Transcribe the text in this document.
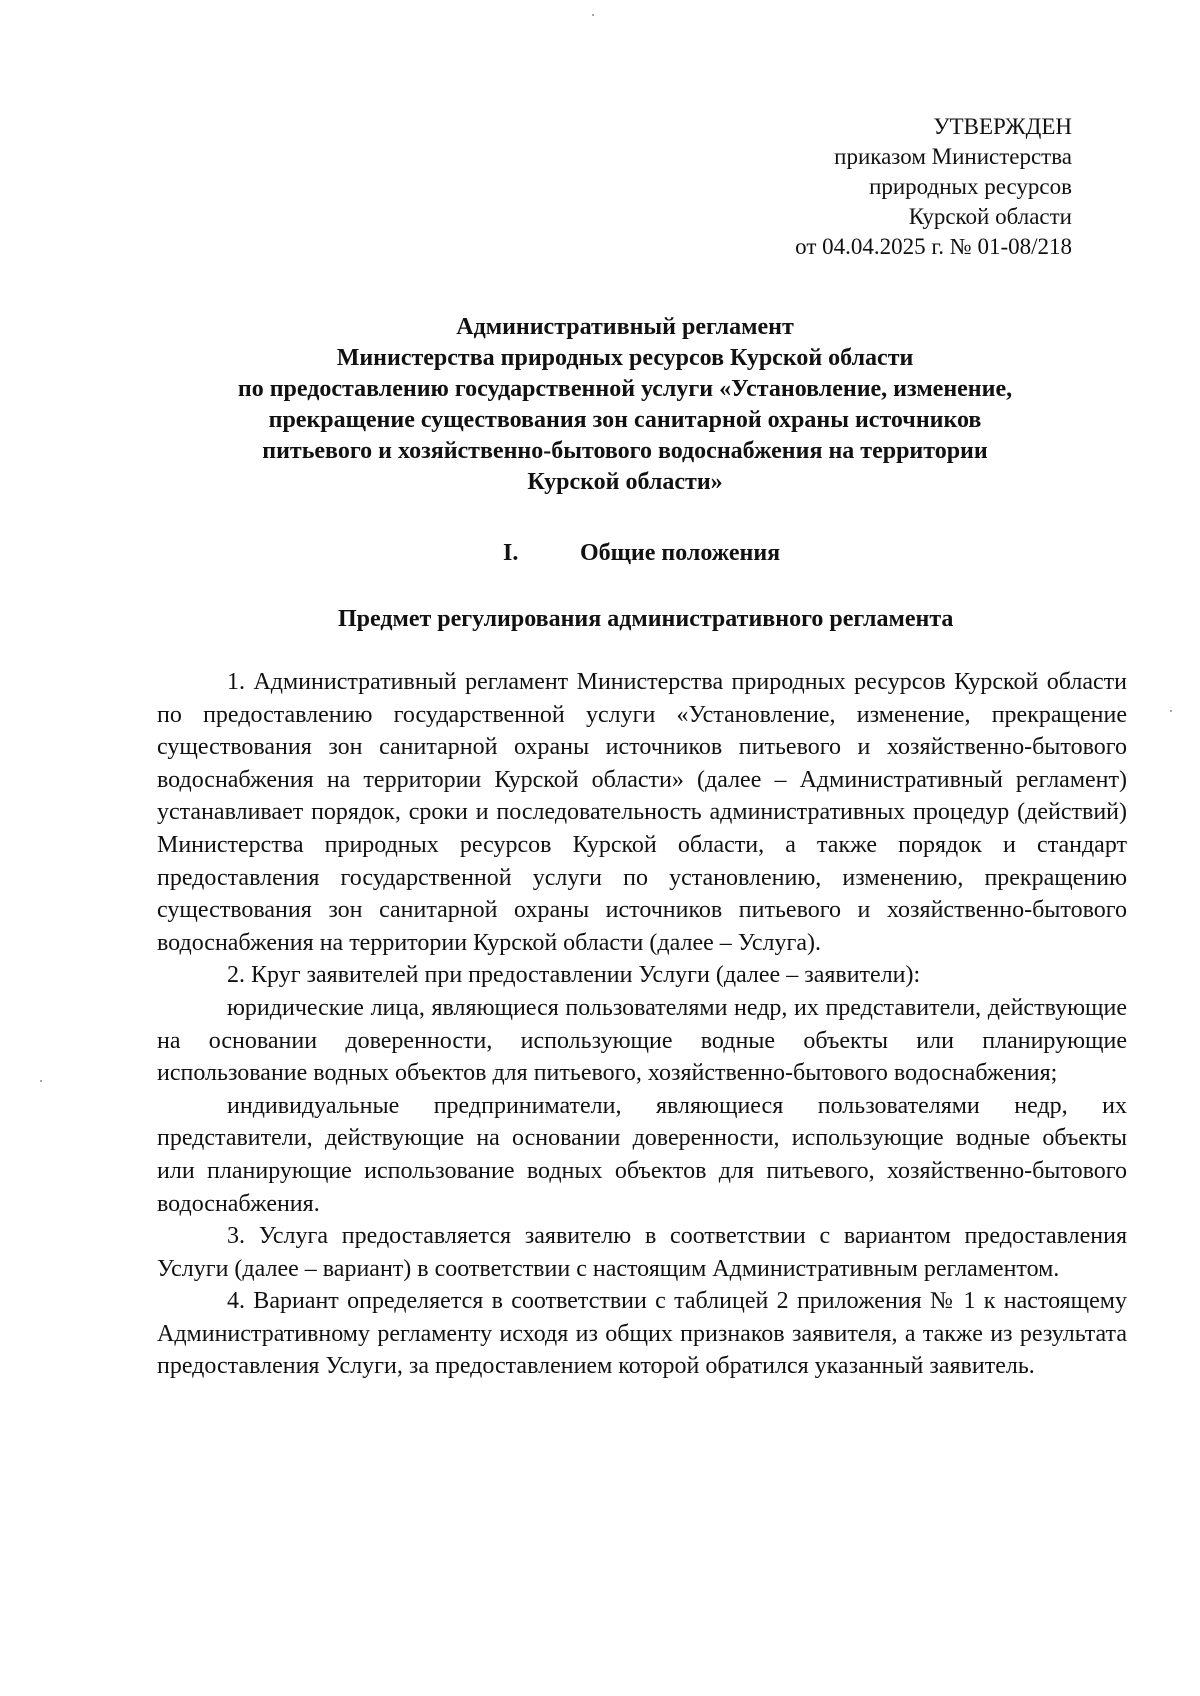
УТВЕРЖДЕН
приказом Министерства
природных ресурсов
Курской области
от 04.04.2025 г. № 01-08/218
Административный регламент
Министерства природных ресурсов Курской области
по предоставлению государственной услуги «Установление, изменение,
прекращение существования зон санитарной охраны источников
питьевого и хозяйственно-бытового водоснабжения на территории
Курской области»
I.	Общие положения
Предмет регулирования административного регламента

1. Административный регламент Министерства природных ресурсов Курской области по предоставлению государственной услуги «Установление, изменение, прекращение существования зон санитарной охраны источников питьевого и хозяйственно-бытового водоснабжения на территории Курской области» (далее – Административный регламент) устанавливает порядок, сроки и последовательность административных процедур (действий) Министерства природных ресурсов Курской области, а также порядок и стандарт предоставления государственной услуги по установлению, изменению, прекращению существования зон санитарной охраны источников питьевого и хозяйственно-бытового водоснабжения на территории Курской области (далее – Услуга).

2. Круг заявителей при предоставлении Услуги (далее – заявители):

юридические лица, являющиеся пользователями недр, их представители, действующие на основании доверенности, использующие водные объекты или планирующие использование водных объектов для питьевого, хозяйственно-бытового водоснабжения;

индивидуальные предприниматели, являющиеся пользователями недр, их представители, действующие на основании доверенности, использующие водные объекты или планирующие использование водных объектов для питьевого, хозяйственно-бытового водоснабжения.

3. Услуга предоставляется заявителю в соответствии с вариантом предоставления Услуги (далее – вариант) в соответствии с настоящим Административным регламентом.

4. Вариант определяется в соответствии с таблицей 2 приложения № 1 к настоящему Административному регламенту исходя из общих признаков заявителя, а также из результата предоставления Услуги, за предоставлением которой обратился указанный заявитель.
